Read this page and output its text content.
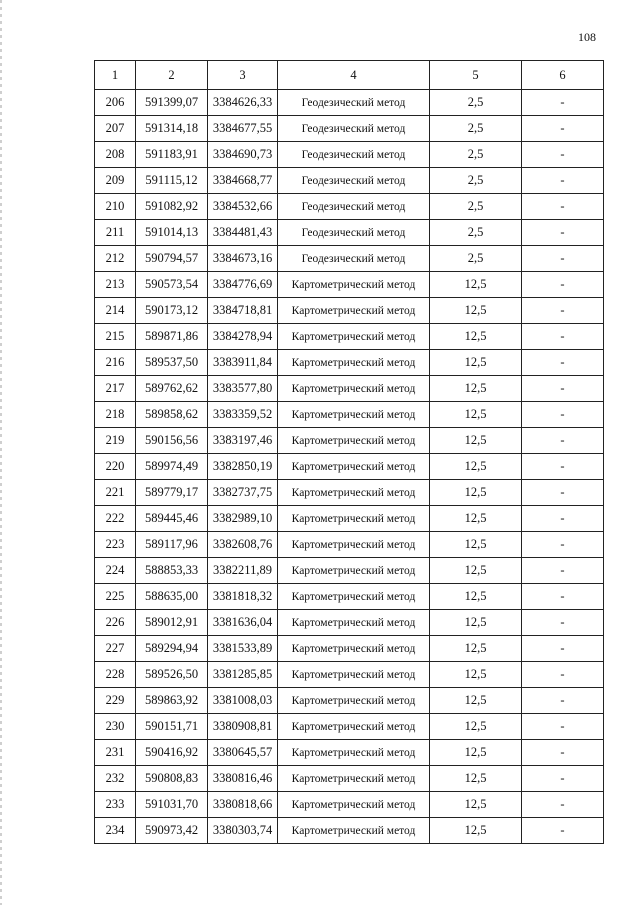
108
1	2	3	4	5	6
206	591399,07	3384626,33	Геодезический метод	2,5	-
207	591314,18	3384677,55	Геодезический метод	2,5	-
208	591183,91	3384690,73	Геодезический метод	2,5	-
209	591115,12	3384668,77	Геодезический метод	2,5	-
210	591082,92	3384532,66	Геодезический метод	2,5	-
211	591014,13	3384481,43	Геодезический метод	2,5	-
212	590794,57	3384673,16	Геодезический метод	2,5	-
213	590573,54	3384776,69	Картометрический метод	12,5	-
214	590173,12	3384718,81	Картометрический метод	12,5	-
215	589871,86	3384278,94	Картометрический метод	12,5	-
216	589537,50	3383911,84	Картометрический метод	12,5	-
217	589762,62	3383577,80	Картометрический метод	12,5	-
218	589858,62	3383359,52	Картометрический метод	12,5	-
219	590156,56	3383197,46	Картометрический метод	12,5	-
220	589974,49	3382850,19	Картометрический метод	12,5	-
221	589779,17	3382737,75	Картометрический метод	12,5	-
222	589445,46	3382989,10	Картометрический метод	12,5	-
223	589117,96	3382608,76	Картометрический метод	12,5	-
224	588853,33	3382211,89	Картометрический метод	12,5	-
225	588635,00	3381818,32	Картометрический метод	12,5	-
226	589012,91	3381636,04	Картометрический метод	12,5	-
227	589294,94	3381533,89	Картометрический метод	12,5	-
228	589526,50	3381285,85	Картометрический метод	12,5	-
229	589863,92	3381008,03	Картометрический метод	12,5	-
230	590151,71	3380908,81	Картометрический метод	12,5	-
231	590416,92	3380645,57	Картометрический метод	12,5	-
232	590808,83	3380816,46	Картометрический метод	12,5	-
233	591031,70	3380818,66	Картометрический метод	12,5	-
234	590973,42	3380303,74	Картометрический метод	12,5	-
